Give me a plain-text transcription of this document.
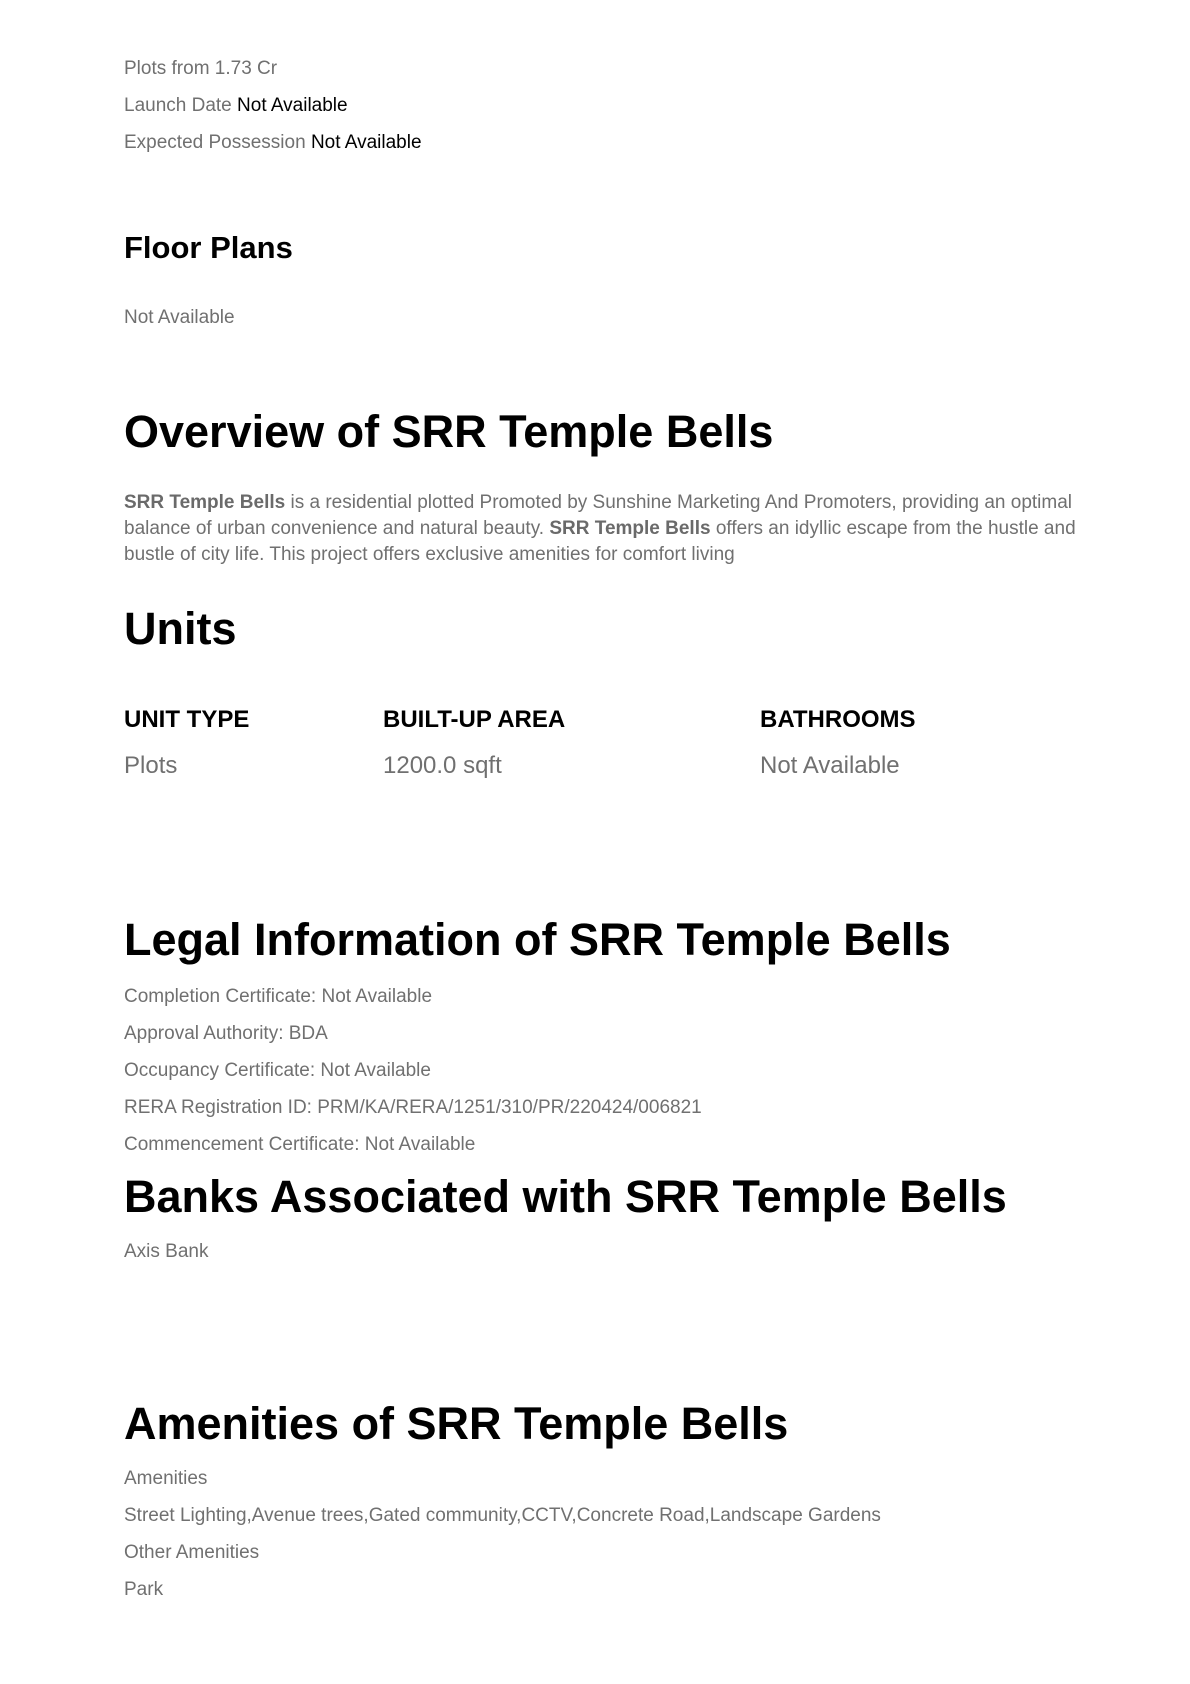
Plots from 1.73 Cr
Launch Date Not Available
Expected Possession Not Available
Floor Plans
Not Available
Overview of SRR Temple Bells
SRR Temple Bells is a residential plotted Promoted by Sunshine Marketing And Promoters, providing an optimal balance of urban convenience and natural beauty. SRR Temple Bells offers an idyllic escape from the hustle and bustle of city life. This project offers exclusive amenities for comfort living
Units
UNIT TYPE	BUILT-UP AREA	BATHROOMS
Plots	1200.0 sqft	Not Available
Legal Information of SRR Temple Bells
Completion Certificate: Not Available
Approval Authority: BDA
Occupancy Certificate: Not Available
RERA Registration ID: PRM/KA/RERA/1251/310/PR/220424/006821
Commencement Certificate: Not Available
Banks Associated with SRR Temple Bells
Axis Bank
Amenities of SRR Temple Bells
Amenities
Street Lighting,Avenue trees,Gated community,CCTV,Concrete Road,Landscape Gardens
Other Amenities
Park
